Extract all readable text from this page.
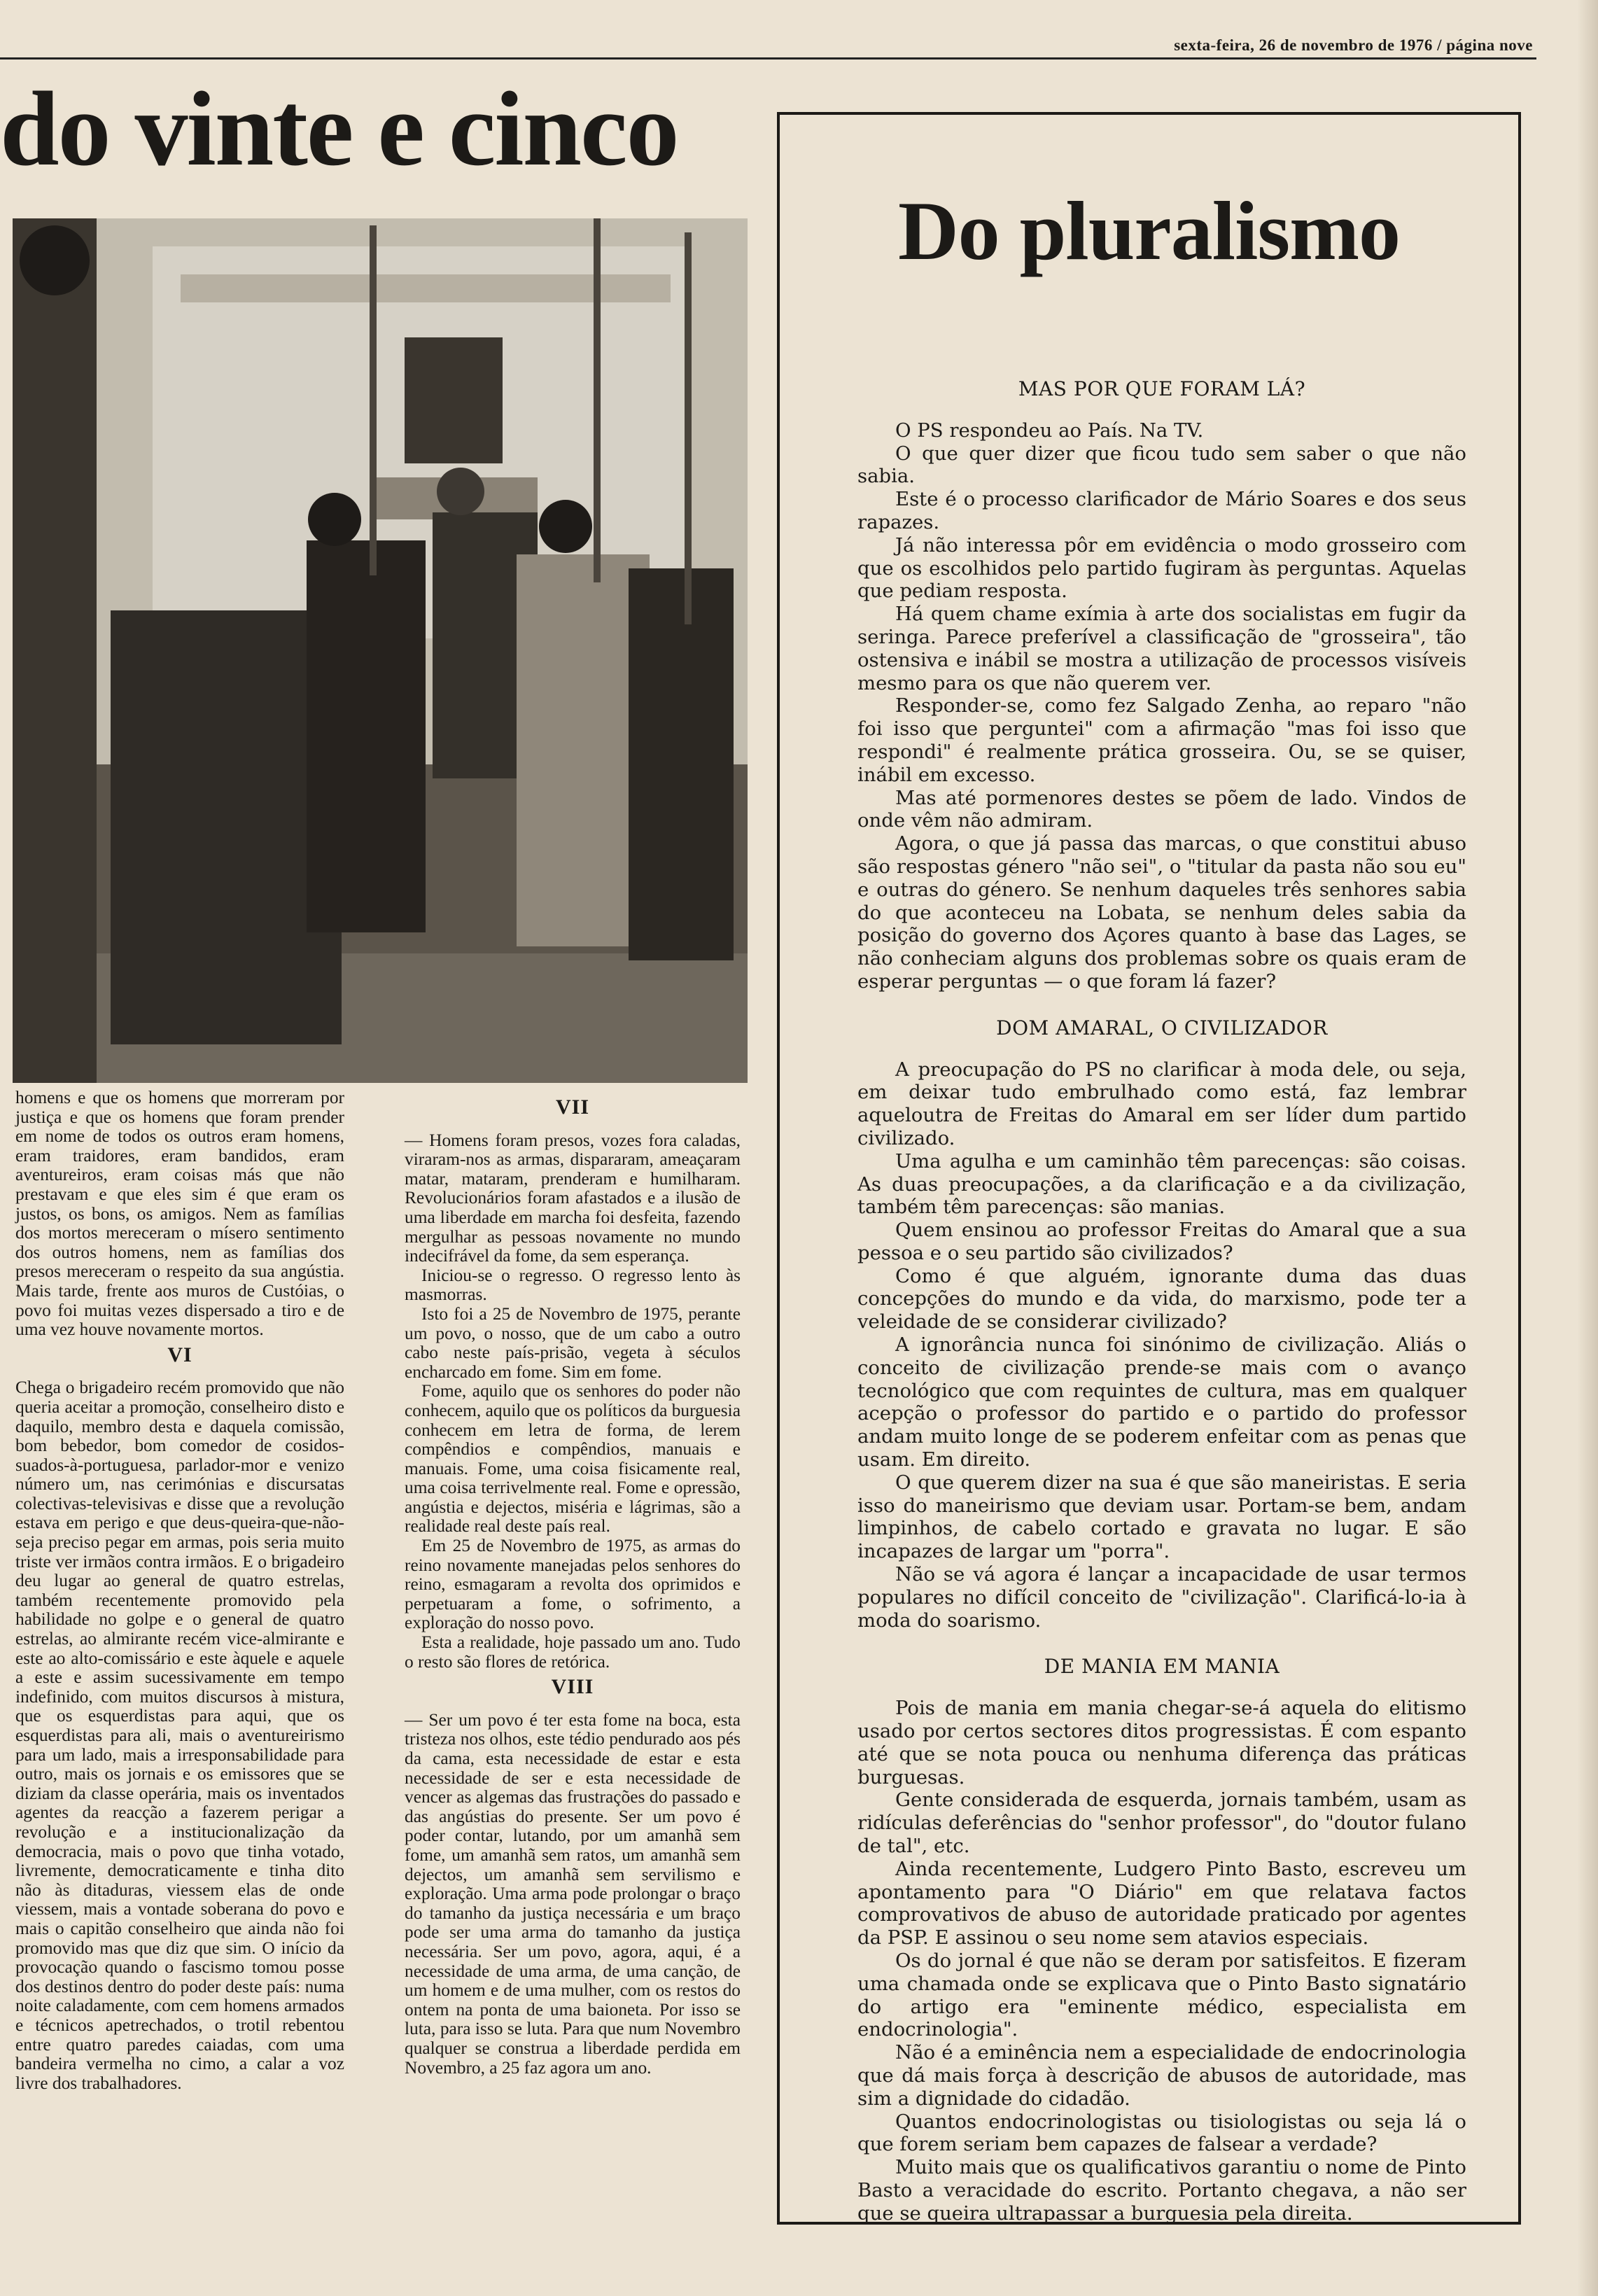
sexta-feira, 26 de novembro de 1976 / página nove
do vinte e cinco

homens e que os homens que morreram por justiça e que os homens que foram prender em nome de todos os outros eram homens, eram traidores, eram bandidos, eram aventureiros, eram coisas más que não prestavam e que eles sim é que eram os justos, os bons, os amigos. Nem as famílias dos mortos mereceram o mísero sentimento dos outros homens, nem as famílias dos presos mereceram o respeito da sua angústia. Mais tarde, frente aos muros de Custóias, o povo foi muitas vezes dispersado a tiro e de uma vez houve novamente mortos.

VI

Chega o brigadeiro recém promovido que não queria aceitar a promoção, conselheiro disto e daquilo, membro desta e daquela comissão, bom bebedor, bom comedor de cosidos-suados-à-portuguesa, parlador-mor e venizo número um, nas cerimónias e discursatas colectivas-televisivas e disse que a revolução estava em perigo e que deus-queira-que-não-seja preciso pegar em armas, pois seria muito triste ver irmãos contra irmãos. E o brigadeiro deu lugar ao general de quatro estrelas, também recentemente promovido pela habilidade no golpe e o general de quatro estrelas, ao almirante recém vice-almirante e este ao alto-comissário e este àquele e aquele a este e assim sucessivamente em tempo indefinido, com muitos discursos à mistura, que os esquerdistas para aqui, que os esquerdistas para ali, mais o aventureirismo para um lado, mais a irresponsabilidade para outro, mais os jornais e os emissores que se diziam da classe operária, mais os inventados agentes da reacção a fazerem perigar a revolução e a institucionalização da democracia, mais o povo que tinha votado, livremente, democraticamente e tinha dito não às ditaduras, viessem elas de onde viessem, mais a vontade soberana do povo e mais o capitão conselheiro que ainda não foi promovido mas que diz que sim. O início da provocação quando o fascismo tomou posse dos destinos dentro do poder deste país: numa noite caladamente, com cem homens armados e técnicos apetrechados, o trotil rebentou entre quatro paredes caiadas, com uma bandeira vermelha no cimo, a calar a voz livre dos trabalhadores.

VII

— Homens foram presos, vozes fora caladas, viraram-nos as armas, dispararam, ameaçaram matar, mataram, prenderam e humilharam. Revolucionários foram afastados e a ilusão de uma liberdade em marcha foi desfeita, fazendo mergulhar as pessoas novamente no mundo indecifrável da fome, da sem esperança.

Iniciou-se o regresso. O regresso lento às masmorras.

Isto foi a 25 de Novembro de 1975, perante um povo, o nosso, que de um cabo a outro cabo neste país-prisão, vegeta à séculos encharcado em fome. Sim em fome.

Fome, aquilo que os senhores do poder não conhecem, aquilo que os políticos da burguesia conhecem em letra de forma, de lerem compêndios e compêndios, manuais e manuais. Fome, uma coisa fisicamente real, uma coisa terrivelmente real. Fome e opressão, angústia e dejectos, miséria e lágrimas, são a realidade real deste país real.

Em 25 de Novembro de 1975, as armas do reino novamente manejadas pelos senhores do reino, esmagaram a revolta dos oprimidos e perpetuaram a fome, o sofrimento, a exploração do nosso povo.

Esta a realidade, hoje passado um ano. Tudo o resto são flores de retórica.

VIII

— Ser um povo é ter esta fome na boca, esta tristeza nos olhos, este tédio pendurado aos pés da cama, esta necessidade de estar e esta necessidade de ser e esta necessidade de vencer as algemas das frustrações do passado e das angústias do presente. Ser um povo é poder contar, lutando, por um amanhã sem fome, um amanhã sem ratos, um amanhã sem dejectos, um amanhã sem servilismo e exploração. Uma arma pode prolongar o braço do tamanho da justiça necessária e um braço pode ser uma arma do tamanho da justiça necessária. Ser um povo, agora, aqui, é a necessidade de uma arma, de uma canção, de um homem e de uma mulher, com os restos do ontem na ponta de uma baioneta. Por isso se luta, para isso se luta. Para que num Novembro qualquer se construa a liberdade perdida em Novembro, a 25 faz agora um ano.

Do pluralismo
MAS POR QUE FORAM LÁ?

O PS respondeu ao País. Na TV.

O que quer dizer que ficou tudo sem saber o que não sabia.

Este é o processo clarificador de Mário Soares e dos seus rapazes.

Já não interessa pôr em evidência o modo grosseiro com que os escolhidos pelo partido fugiram às perguntas. Aquelas que pediam resposta.

Há quem chame exímia à arte dos socialistas em fugir da seringa. Parece preferível a classificação de "grosseira", tão ostensiva e inábil se mostra a utilização de processos visíveis mesmo para os que não querem ver.

Responder-se, como fez Salgado Zenha, ao reparo "não foi isso que perguntei" com a afirmação "mas foi isso que respondi" é realmente prática grosseira. Ou, se se quiser, inábil em excesso.

Mas até pormenores destes se põem de lado. Vindos de onde vêm não admiram.

Agora, o que já passa das marcas, o que constitui abuso são respostas género "não sei", o "titular da pasta não sou eu" e outras do género. Se nenhum daqueles três senhores sabia do que aconteceu na Lobata, se nenhum deles sabia da posição do governo dos Açores quanto à base das Lages, se não conheciam alguns dos problemas sobre os quais eram de esperar perguntas — o que foram lá fazer?

DOM AMARAL, O CIVILIZADOR

A preocupação do PS no clarificar à moda dele, ou seja, em deixar tudo embrulhado como está, faz lembrar aqueloutra de Freitas do Amaral em ser líder dum partido civilizado.

Uma agulha e um caminhão têm parecenças: são coisas. As duas preocupações, a da clarificação e a da civilização, também têm parecenças: são manias.

Quem ensinou ao professor Freitas do Amaral que a sua pessoa e o seu partido são civilizados?

Como é que alguém, ignorante duma das duas concepções do mundo e da vida, do marxismo, pode ter a veleidade de se considerar civilizado?

A ignorância nunca foi sinónimo de civilização. Aliás o conceito de civilização prende-se mais com o avanço tecnológico que com requintes de cultura, mas em qualquer acepção o professor do partido e o partido do professor andam muito longe de se poderem enfeitar com as penas que usam. Em direito.

O que querem dizer na sua é que são maneiristas. E seria isso do maneirismo que deviam usar. Portam-se bem, andam limpinhos, de cabelo cortado e gravata no lugar. E são incapazes de largar um "porra".

Não se vá agora é lançar a incapacidade de usar termos populares no difícil conceito de "civilização". Clarificá-lo-ia à moda do soarismo.

DE MANIA EM MANIA

Pois de mania em mania chegar-se-á aquela do elitismo usado por certos sectores ditos progressistas. É com espanto até que se nota pouca ou nenhuma diferença das práticas burguesas.

Gente considerada de esquerda, jornais também, usam as ridículas deferências do "senhor professor", do "doutor fulano de tal", etc.

Ainda recentemente, Ludgero Pinto Basto, escreveu um apontamento para "O Diário" em que relatava factos comprovativos de abuso de autoridade praticado por agentes da PSP. E assinou o seu nome sem atavios especiais.

Os do jornal é que não se deram por satisfeitos. E fizeram uma chamada onde se explicava que o Pinto Basto signatário do artigo era "eminente médico, especialista em endocrinologia".

Não é a eminência nem a especialidade de endocrinologia que dá mais força à descrição de abusos de autoridade, mas sim a dignidade do cidadão.

Quantos endocrinologistas ou tisiologistas ou seja lá o que forem seriam bem capazes de falsear a verdade?

Muito mais que os qualificativos garantiu o nome de Pinto Basto a veracidade do escrito. Portanto chegava, a não ser que se queira ultrapassar a burguesia pela direita.
